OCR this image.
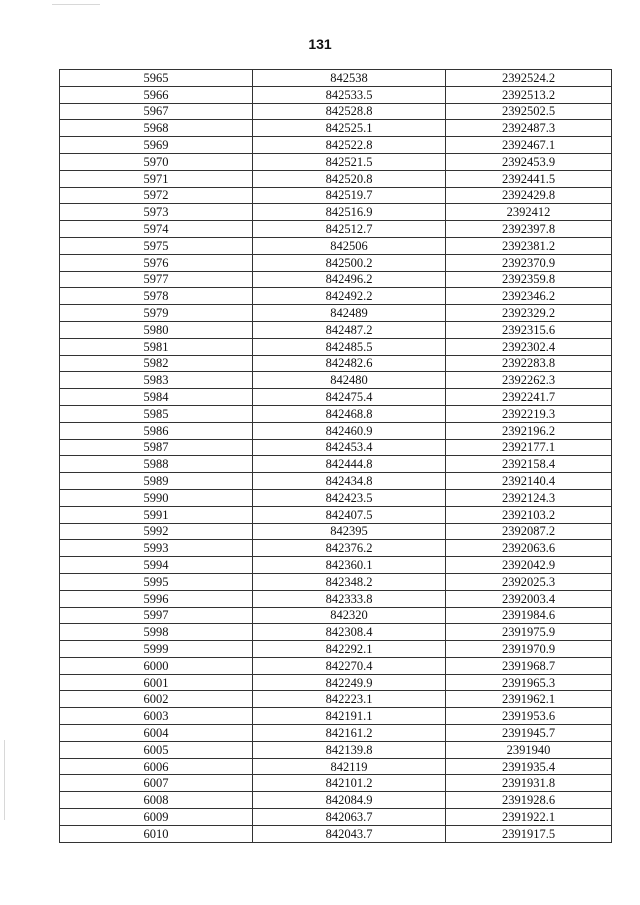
131
5965	842538	2392524.2
5966	842533.5	2392513.2
5967	842528.8	2392502.5
5968	842525.1	2392487.3
5969	842522.8	2392467.1
5970	842521.5	2392453.9
5971	842520.8	2392441.5
5972	842519.7	2392429.8
5973	842516.9	2392412
5974	842512.7	2392397.8
5975	842506	2392381.2
5976	842500.2	2392370.9
5977	842496.2	2392359.8
5978	842492.2	2392346.2
5979	842489	2392329.2
5980	842487.2	2392315.6
5981	842485.5	2392302.4
5982	842482.6	2392283.8
5983	842480	2392262.3
5984	842475.4	2392241.7
5985	842468.8	2392219.3
5986	842460.9	2392196.2
5987	842453.4	2392177.1
5988	842444.8	2392158.4
5989	842434.8	2392140.4
5990	842423.5	2392124.3
5991	842407.5	2392103.2
5992	842395	2392087.2
5993	842376.2	2392063.6
5994	842360.1	2392042.9
5995	842348.2	2392025.3
5996	842333.8	2392003.4
5997	842320	2391984.6
5998	842308.4	2391975.9
5999	842292.1	2391970.9
6000	842270.4	2391968.7
6001	842249.9	2391965.3
6002	842223.1	2391962.1
6003	842191.1	2391953.6
6004	842161.2	2391945.7
6005	842139.8	2391940
6006	842119	2391935.4
6007	842101.2	2391931.8
6008	842084.9	2391928.6
6009	842063.7	2391922.1
6010	842043.7	2391917.5
